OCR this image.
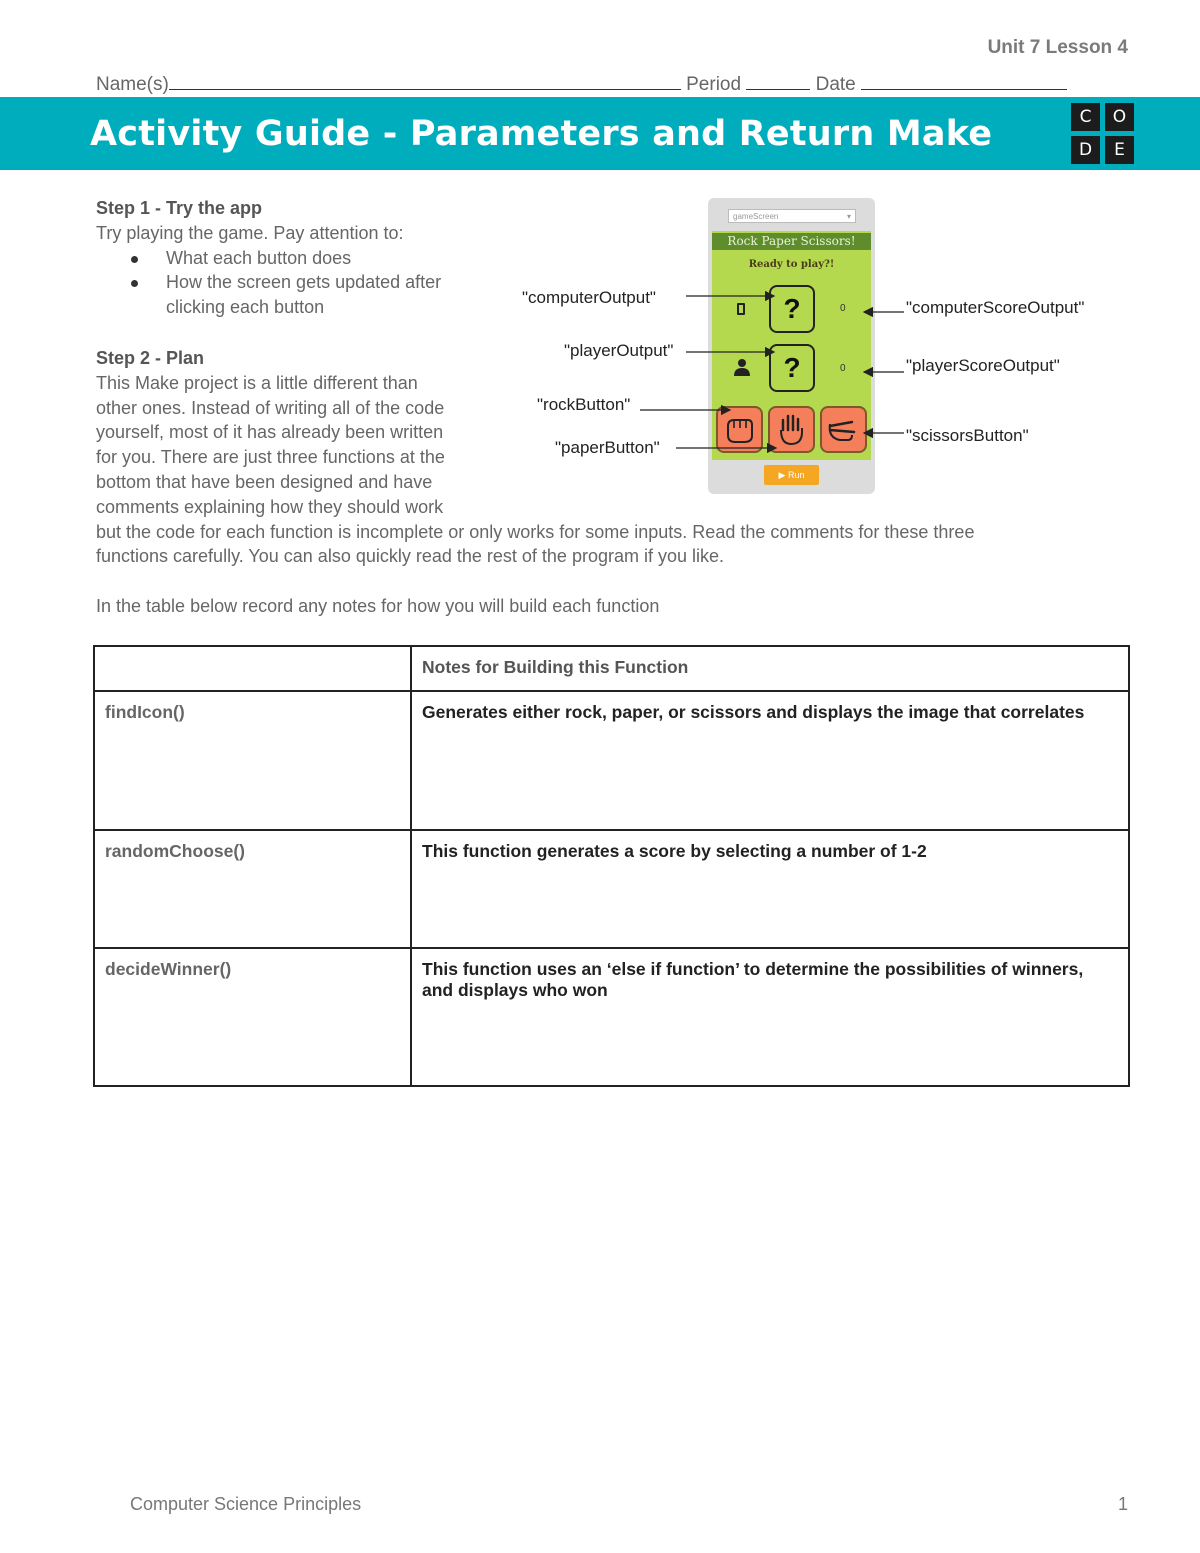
Unit 7 Lesson 4
Name(s)	Period	Date
Activity Guide - Parameters and Return Make	C	O
D	E
Step 1 - Try the app
Try playing the game. Pay attention to:
What each button does
How the screen gets updated after clicking each button
Step 2 - Plan
This Make project is a little different than
other ones. Instead of writing all of the code
yourself, most of it has already been written
for you. There are just three functions at the
bottom that have been designed and have
comments explaining how they should work
but the code for each function is incomplete or only works for some inputs. Read the comments for these three
functions carefully. You can also quickly read the rest of the program if you like.
In the table below record any notes for how you will build each function
gameScreen	▾
Rock Paper Scissors!
Ready to play?!
?	0
?	0
▶ Run
"computerOutput"
"playerOutput"
"rockButton"
"paperButton"
"computerScoreOutput"
"playerScoreOutput"
"scissorsButton"
	Notes for Building this Function
findIcon()	Generates either rock, paper, or scissors and displays the image that correlates
randomChoose()	This function generates a score by selecting a number of 1-2
decideWinner()	This function uses an ‘else if function’ to determine the possibilities of winners, and displays who won
Computer Science Principles	1
